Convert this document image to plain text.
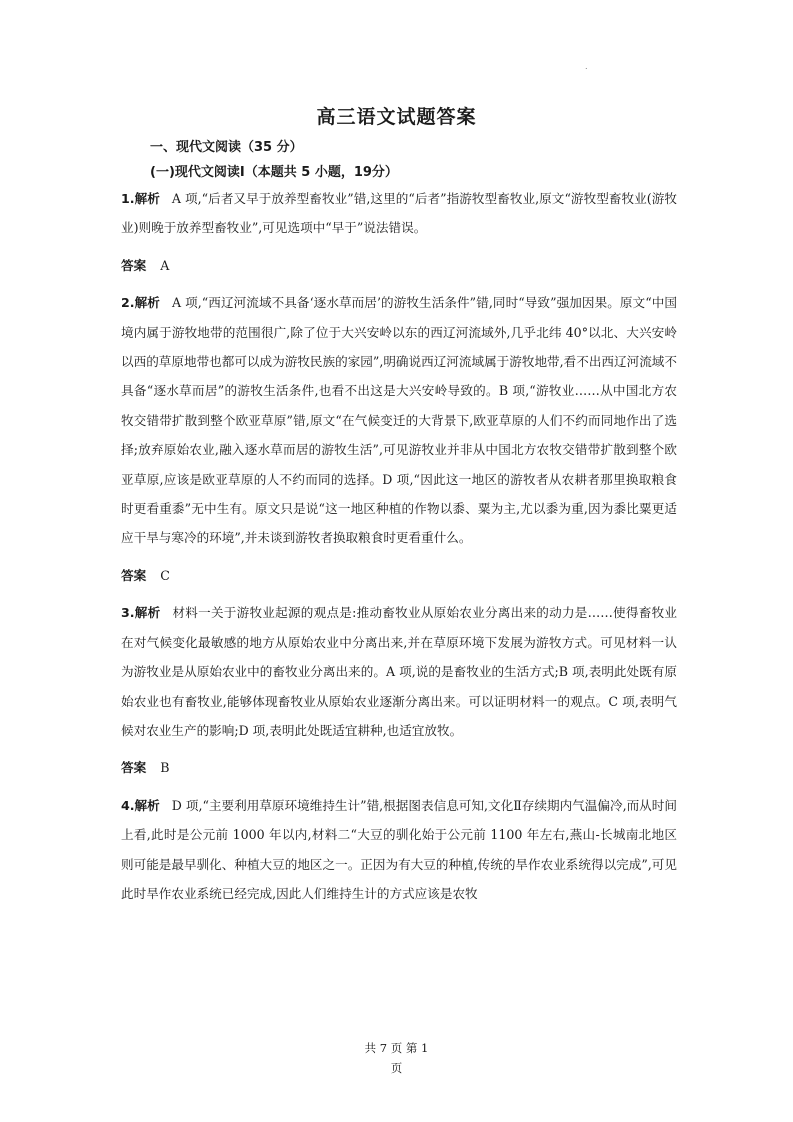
.
高三语文试题答案
一、现代文阅读（35 分）
(一)现代文阅读Ⅰ（本题共 5 小题，19分）

1.解析 A 项,“后者又早于放养型畜牧业”错,这里的“后者”指游牧型畜牧业,原文“游牧型畜牧业(游牧业)则晚于放养型畜牧业”,可见选项中“早于”说法错误。

答案 A

2.解析 A 项,“西辽河流域不具备‘逐水草而居’的游牧生活条件”错,同时“导致”强加因果。原文“中国境内属于游牧地带的范围很广,除了位于大兴安岭以东的西辽河流域外,几乎北纬 40°以北、大兴安岭以西的草原地带也都可以成为游牧民族的家园”,明确说西辽河流域属于游牧地带,看不出西辽河流域不具备“逐水草而居”的游牧生活条件,也看不出这是大兴安岭导致的。B 项,“游牧业……从中国北方农牧交错带扩散到整个欧亚草原”错,原文“在气候变迁的大背景下,欧亚草原的人们不约而同地作出了选择;放弃原始农业,融入逐水草而居的游牧生活”,可见游牧业并非从中国北方农牧交错带扩散到整个欧亚草原,应该是欧亚草原的人不约而同的选择。D 项,“因此这一地区的游牧者从农耕者那里换取粮食时更看重黍”无中生有。原文只是说“这一地区种植的作物以黍、粟为主,尤以黍为重,因为黍比粟更适应干旱与寒冷的环境”,并未谈到游牧者换取粮食时更看重什么。

答案 C

3.解析 材料一关于游牧业起源的观点是:推动畜牧业从原始农业分离出来的动力是……使得畜牧业在对气候变化最敏感的地方从原始农业中分离出来,并在草原环境下发展为游牧方式。可见材料一认为游牧业是从原始农业中的畜牧业分离出来的。A 项,说的是畜牧业的生活方式;B 项,表明此处既有原始农业也有畜牧业,能够体现畜牧业从原始农业逐渐分离出来。可以证明材料一的观点。C 项,表明气候对农业生产的影响;D 项,表明此处既适宜耕种,也适宜放牧。

答案 B

4.解析 D 项,“主要利用草原环境维持生计”错,根据图表信息可知,文化Ⅱ存续期内气温偏冷,而从时间上看,此时是公元前 1000 年以内,材料二“大豆的驯化始于公元前 1100 年左右,燕山-长城南北地区则可能是最早驯化、种植大豆的地区之一。正因为有大豆的种植,传统的旱作农业系统得以完成”,可见此时旱作农业系统已经完成,因此人们维持生计的方式应该是农牧

共 7 页 第 1
页
